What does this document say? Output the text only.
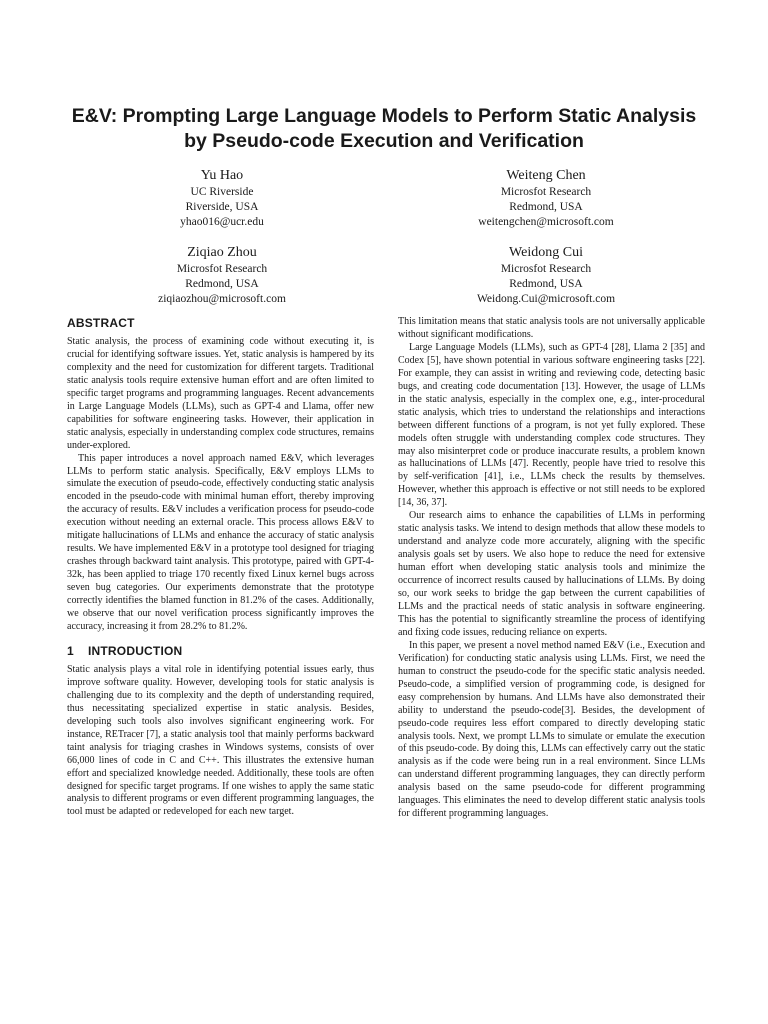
E&V: Prompting Large Language Models to Perform Static Analysis by Pseudo-code Execution and Verification
Yu Hao
UC Riverside
Riverside, USA
yhao016@ucr.edu
Weiteng Chen
Microsfot Research
Redmond, USA
weitengchen@microsoft.com
Ziqiao Zhou
Microsfot Research
Redmond, USA
ziqiaozhou@microsoft.com
Weidong Cui
Microsfot Research
Redmond, USA
Weidong.Cui@microsoft.com
ABSTRACT

Static analysis, the process of examining code without executing it, is crucial for identifying software issues. Yet, static analysis is hampered by its complexity and the need for customization for different targets. Traditional static analysis tools require extensive human effort and are often limited to specific target programs and programming languages. Recent advancements in Large Language Models (LLMs), such as GPT-4 and Llama, offer new capabilities for software engineering tasks. However, their application in static analysis, especially in understanding complex code structures, remains under-explored.

This paper introduces a novel approach named E&V, which leverages LLMs to perform static analysis. Specifically, E&V employs LLMs to simulate the execution of pseudo-code, effectively conducting static analysis encoded in the pseudo-code with minimal human effort, thereby improving the accuracy of results. E&V includes a verification process for pseudo-code execution without needing an external oracle. This process allows E&V to mitigate hallucinations of LLMs and enhance the accuracy of static analysis results. We have implemented E&V in a prototype tool designed for triaging crashes through backward taint analysis. This prototype, paired with GPT-4-32k, has been applied to triage 170 recently fixed Linux kernel bugs across seven bug categories. Our experiments demonstrate that the prototype correctly identifies the blamed function in 81.2% of the cases. Additionally, we observe that our novel verification process significantly improves the accuracy, increasing it from 28.2% to 81.2%.

1 INTRODUCTION

Static analysis plays a vital role in identifying potential issues early, thus improve software quality. However, developing tools for static analysis is challenging due to its complexity and the depth of understanding required, thus necessitating specialized expertise in static analysis. Besides, developing such tools also involves significant engineering work. For instance, RETracer [7], a static analysis tool that mainly performs backward taint analysis for triaging crashes in Windows systems, consists of over 66,000 lines of code in C and C++. This illustrates the extensive human effort and specialized knowledge needed. Additionally, these tools are often designed for specific target programs. If one wishes to apply the same static analysis to different programs or even different programming languages, the tool must be adapted or redeveloped for each new target.

This limitation means that static analysis tools are not universally applicable without significant modifications.

Large Language Models (LLMs), such as GPT-4 [28], Llama 2 [35] and Codex [5], have shown potential in various software engineering tasks [22]. For example, they can assist in writing and reviewing code, detecting basic bugs, and creating code documentation [13]. However, the usage of LLMs in the static analysis, especially in the complex one, e.g., inter-procedural static analysis, which tries to understand the relationships and interactions between different functions of a program, is not yet fully explored. These models often struggle with understanding complex code structures. They may also misinterpret code or produce inaccurate results, a problem known as hallucinations of LLMs [47]. Recently, people have tried to resolve this by self-verification [41], i.e., LLMs check the results by themselves. However, whether this approach is effective or not still needs to be explored [14, 36, 37].

Our research aims to enhance the capabilities of LLMs in performing static analysis tasks. We intend to design methods that allow these models to understand and analyze code more accurately, aligning with the specific analysis goals set by users. We also hope to reduce the need for extensive human effort when developing static analysis tools and minimize the occurrence of incorrect results caused by hallucinations of LLMs. By doing so, our work seeks to bridge the gap between the current capabilities of LLMs and the practical needs of static analysis in software engineering. This has the potential to significantly streamline the process of identifying and fixing code issues, reducing reliance on experts.

In this paper, we present a novel method named E&V (i.e., Execution and Verification) for conducting static analysis using LLMs. First, we need the human to construct the pseudo-code for the specific static analysis needed. Pseudo-code, a simplified version of programming code, is designed for easy comprehension by humans. And LLMs have also demonstrated their ability to understand the pseudo-code[3]. Besides, the development of pseudo-code requires less effort compared to directly developing static analysis tools. Next, we prompt LLMs to simulate or emulate the execution of this pseudo-code. By doing this, LLMs can effectively carry out the static analysis as if the code were being run in a real environment. Since LLMs can understand different programming languages, they can directly perform analysis based on the same pseudo-code for different programming languages. This eliminates the need to develop different static analysis tools for different programming languages.
